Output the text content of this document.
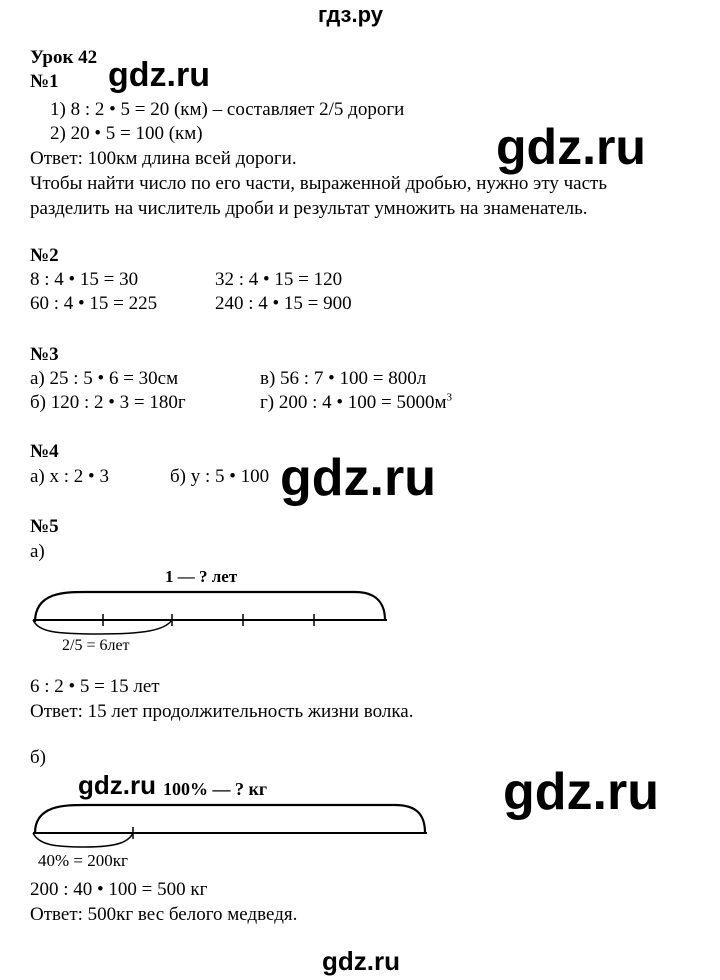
гдз.ру
Урок 42
№1
1) 8 : 2 • 5 = 20 (км) – составляет 2/5 дороги
2) 20 • 5 = 100 (км)
Ответ: 100км длина всей дороги.
Чтобы найти число по его части, выраженной дробью, нужно эту часть
разделить на числитель дроби и результат умножить на знаменатель.
№2
8 : 4 • 15 = 30	32 : 4 • 15 = 120
60 : 4 • 15 = 225	240 : 4 • 15 = 900
№3
а) 25 : 5 • 6 = 30см	в) 56 : 7 • 100 = 800л
б) 120 : 2 • 3 = 180г	г) 200 : 4 • $100 = 5000м^3$
№4
а) x : 2 • 3	б) y : 5 • 100
№5
а)
1 — ? лет
2/5 = 6лет
6 : 2 • 5 = 15 лет
Ответ: 15 лет продолжительность жизни волка.
б)
100% — ? кг
40% = 200кг
200 : 40 • 100 = 500 кг
Ответ: 500кг вес белого медведя.
gdz.ru
gdz.ru
gdz.ru
gdz.ru	gdz.ru
gdz.ru
